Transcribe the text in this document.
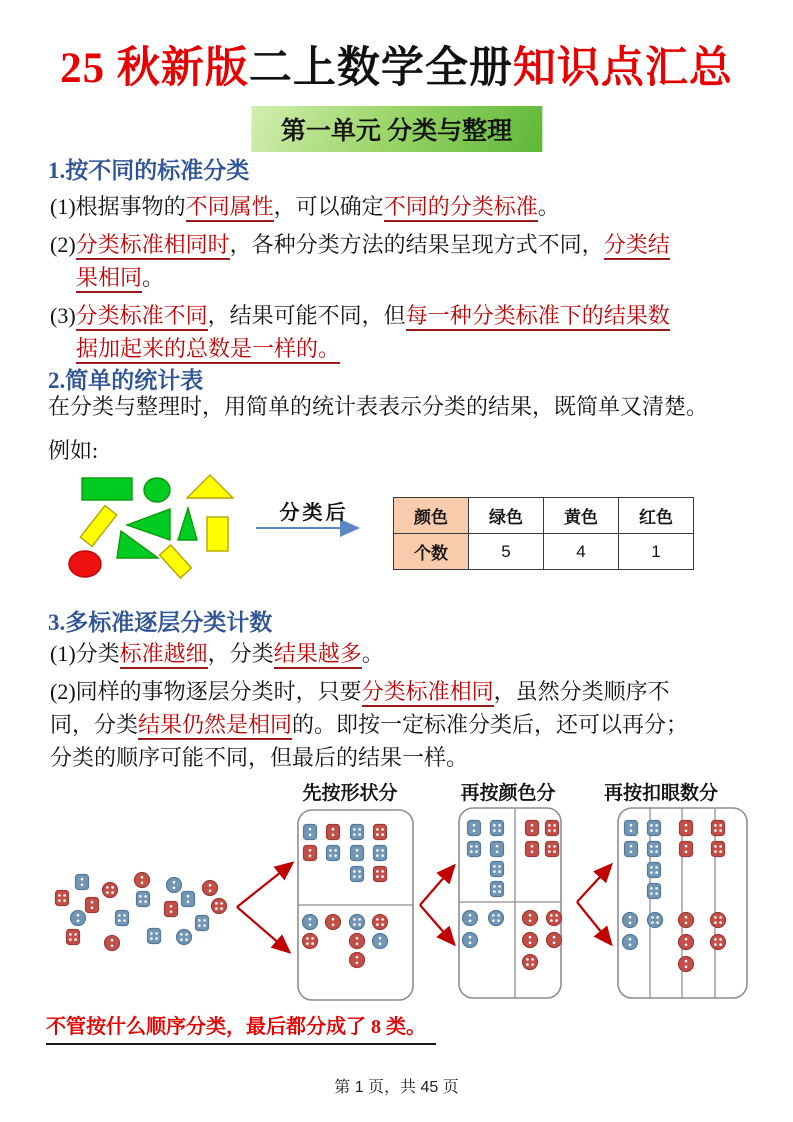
25 秋新版二上数学全册知识点汇总
第一单元 分类与整理
1.按不同的标准分类
(1)根据事物的不同属性，可以确定不同的分类标准。
(2)分类标准相同时，各种分类方法的结果呈现方式不同，分类结
果相同。
(3)分类标准不同，结果可能不同，但每一种分类标准下的结果数
据加起来的总数是一样的。
2.简单的统计表

在分类与整理时，用简单的统计表表示分类的结果，既简单又清楚。

例如:

分类后	颜色	绿色	黄色	红色
个数	5	4	1
3.多标准逐层分类计数
(1)分类标准越细，分类结果越多。
(2)同样的事物逐层分类时，只要分类标准相同，虽然分类顺序不
同，分类结果仍然是相同的。即按一定标准分类后，还可以再分；
分类的顺序可能不同，但最后的结果一样。
先按形状分	再按颜色分	再按扣眼数分

不管按什么顺序分类，最后都分成了 8 类。

第 1 页，共 45 页
